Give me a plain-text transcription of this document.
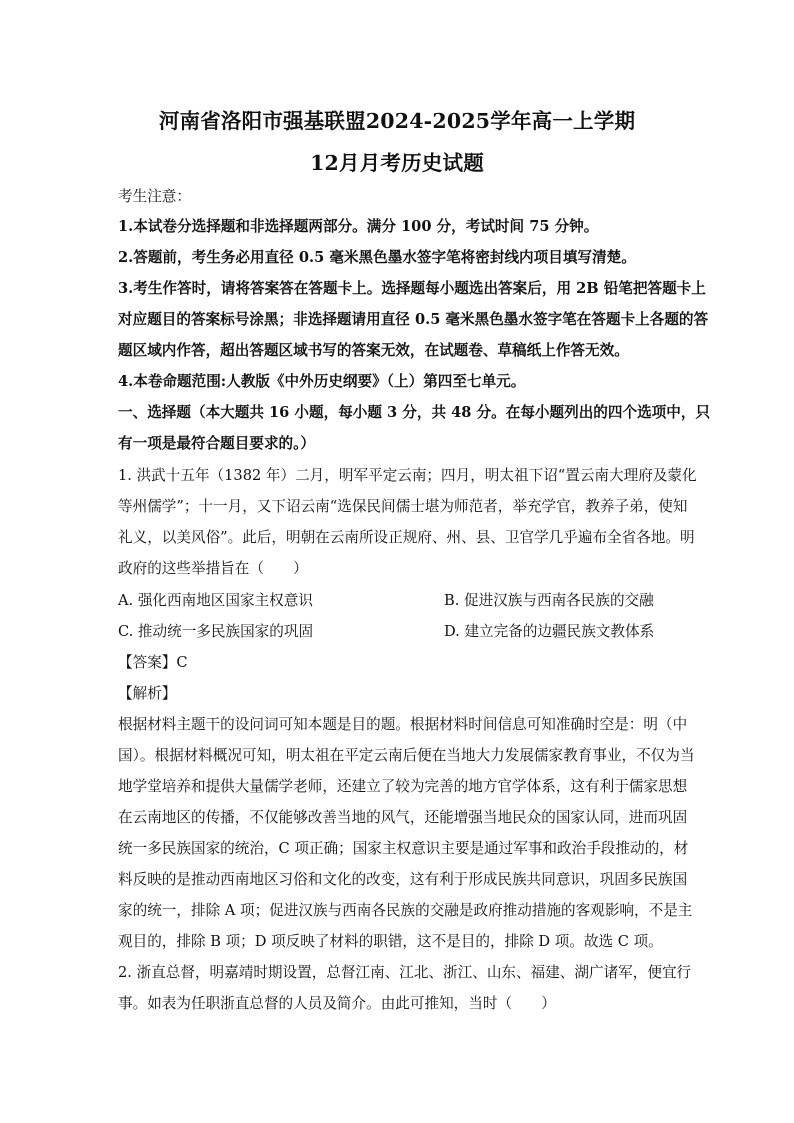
河南省洛阳市强基联盟2024-2025学年高一上学期
12月月考历史试题
考生注意：
1.本试卷分选择题和非选择题两部分。满分 100 分，考试时间 75 分钟。
2.答题前，考生务必用直径 0.5 毫米黑色墨水签字笔将密封线内项目填写清楚。
3.考生作答时，请将答案答在答题卡上。选择题每小题选出答案后，用 2B 铅笔把答题卡上
对应题目的答案标号涂黑；非选择题请用直径 0.5 毫米黑色墨水签字笔在答题卡上各题的答
题区域内作答，超出答题区域书写的答案无效，在试题卷、草稿纸上作答无效。
4.本卷命题范围:人教版《中外历史纲要》（上）第四至七单元。
一、选择题（本大题共 16 小题，每小题 3 分，共 48 分。在每小题列出的四个选项中，只
有一项是最符合题目要求的。）
1. 洪武十五年（1382 年）二月，明军平定云南；四月，明太祖下诏“置云南大理府及蒙化
等州儒学”；十一月，又下诏云南“选保民间儒士堪为师范者，举充学官，教养子弟，使知
礼义，以美风俗”。此后，明朝在云南所设正规府、州、县、卫官学几乎遍布全省各地。明
政府的这些举措旨在（　　）
A. 强化西南地区国家主权意识	B. 促进汉族与西南各民族的交融
C. 推动统一多民族国家的巩固	D. 建立完备的边疆民族文教体系
【答案】C
【解析】
根据材料主题干的设问词可知本题是目的题。根据材料时间信息可知准确时空是：明（中
国）。根据材料概况可知，明太祖在平定云南后便在当地大力发展儒家教育事业，不仅为当
地学堂培养和提供大量儒学老师，还建立了较为完善的地方官学体系，这有利于儒家思想
在云南地区的传播，不仅能够改善当地的风气，还能增强当地民众的国家认同，进而巩固
统一多民族国家的统治，C 项正确；国家主权意识主要是通过军事和政治手段推动的，材
料反映的是推动西南地区习俗和文化的改变，这有利于形成民族共同意识，巩固多民族国
家的统一，排除 A 项；促进汉族与西南各民族的交融是政府推动措施的客观影响，不是主
观目的，排除 B 项；D 项反映了材料的职错，这不是目的，排除 D 项。故选 C 项。
2. 浙直总督，明嘉靖时期设置，总督江南、江北、浙江、山东、福建、湖广诸军，便宜行
事。如表为任职浙直总督的人员及简介。由此可推知，当时（　　）
